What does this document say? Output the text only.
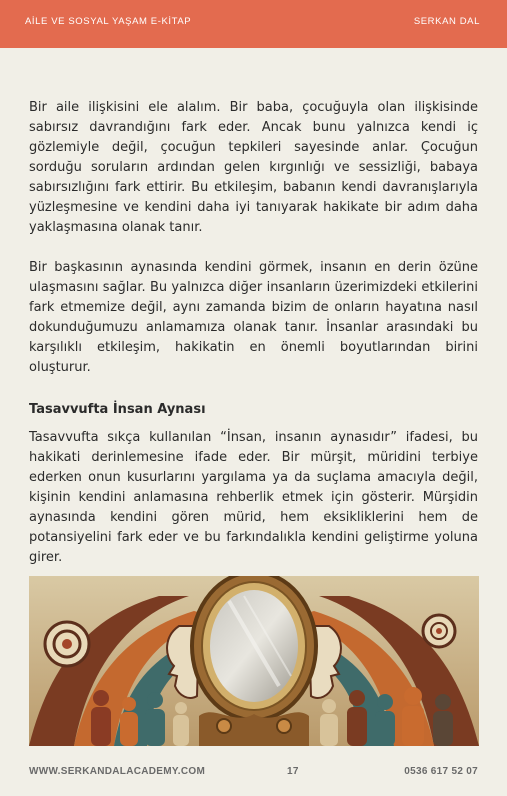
AİLE VE SOSYAL YAŞAM E-KİTAP	SERKAN DAL

Bir aile ilişkisini ele alalım. Bir baba, çocuğuyla olan ilişkisinde sabırsız davrandığını fark eder. Ancak bunu yalnızca kendi iç gözlemiyle değil, çocuğun tepkileri sayesinde anlar. Çocuğun sorduğu soruların ardından gelen kırgınlığı ve sessizliği, babaya sabırsızlığını fark ettirir. Bu etkileşim, babanın kendi davranışlarıyla yüzleşmesine ve kendini daha iyi tanıyarak hakikate bir adım daha yaklaşmasına olanak tanır.

Bir başkasının aynasında kendini görmek, insanın en derin özüne ulaşmasını sağlar. Bu yalnızca diğer insanların üzerimizdeki etkilerini fark etmemize değil, aynı zamanda bizim de onların hayatına nasıl dokunduğumuzu anlamamıza olanak tanır. İnsanlar arasındaki bu karşılıklı etkileşim, hakikatin en önemli boyutlarından birini oluşturur.

Tasavvufta İnsan Aynası

Tasavvufta sıkça kullanılan “İnsan, insanın aynasıdır” ifadesi, bu hakikati derinlemesine ifade eder. Bir mürşit, müridini terbiye ederken onun kusurlarını yargılama ya da suçlama amacıyla değil, kişinin kendini anlamasına rehberlik etmek için gösterir. Mürşidin aynasında kendini gören mürid, hem eksikliklerini hem de potansiyelini fark eder ve bu farkındalıkla kendini geliştirme yoluna girer.

WWW.SERKANDALACADEMY.COM	17	0536 617 52 07
